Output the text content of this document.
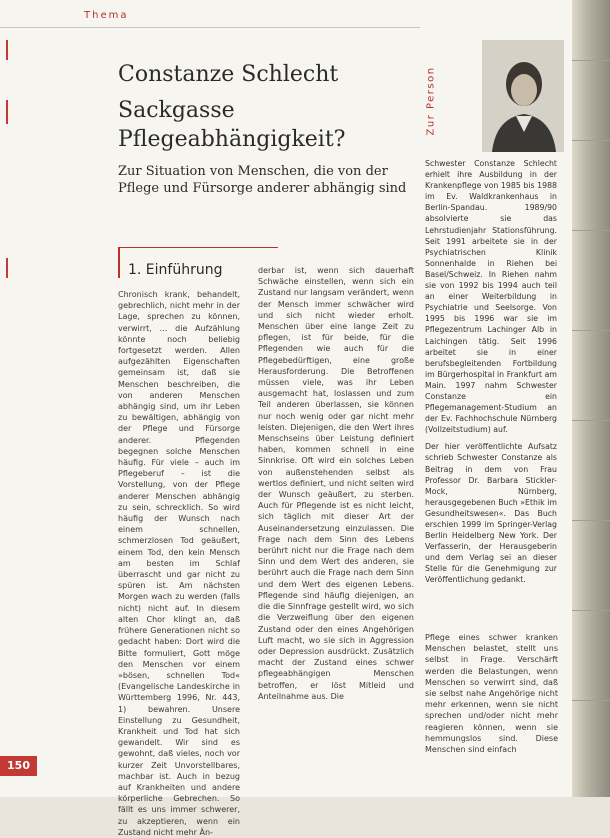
Thema
Constanze Schlecht
Sackgasse
Pflegeabhängigkeit?
Zur Situation von Menschen, die von der Pflege und Fürsorge anderer abhängig sind
Zur Person

Schwester Constanze Schlecht erhielt ihre Ausbildung in der Krankenpflege von 1985 bis 1988 im Ev. Waldkrankenhaus in Berlin-Spandau. 1989/90 absolvierte sie das Lehrstudienjahr Stationsführung. Seit 1991 arbeitete sie in der Psychiatrischen Klinik Sonnenhalde in Riehen bei Basel/Schweiz. In Riehen nahm sie von 1992 bis 1994 auch teil an einer Weiterbildung in Psychiatrie und Seelsorge. Von 1995 bis 1996 war sie im Pflegezentrum Lachinger Alb in Laichingen tätig. Seit 1996 arbeitet sie in einer berufsbegleitenden Fortbildung im Bürgerhospital in Frankfurt am Main. 1997 nahm Schwester Constanze ein Pflegemanagement-Studium an der Ev. Fachhochschule Nürnberg (Vollzeitstudium) auf.

Der hier veröffentlichte Aufsatz schrieb Schwester Constanze als Beitrag in dem von Frau Professor Dr. Barbara Stickler-Mock, Nürnberg, herausgegebenen Buch »Ethik im Gesundheitswesen«. Das Buch erschien 1999 im Springer-Verlag Berlin Heidelberg New York. Der Verfasserin, der Herausgeberin und dem Verlag sei an dieser Stelle für die Genehmigung zur Veröffentlichung gedankt.

1. Einführung

Chronisch krank, behandelt, gebrechlich, nicht mehr in der Lage, sprechen zu können, verwirrt, … die Aufzählung könnte noch beliebig fortgesetzt werden. Allen aufgezählten Eigenschaften gemeinsam ist, daß sie Menschen beschreiben, die von anderen Menschen abhängig sind, um ihr Leben zu bewältigen, abhängig von der Pflege und Fürsorge anderer. Pflegenden begegnen solche Menschen häufig. Für viele – auch im Pflegeberuf – ist die Vorstellung, von der Pflege anderer Menschen abhängig zu sein, schrecklich. So wird häufig der Wunsch nach einem schnellen, schmerzlosen Tod geäußert, einem Tod, den kein Mensch am besten im Schlaf überrascht und gar nicht zu spüren ist. Am nächsten Morgen wach zu werden (falls nicht) nicht auf. In diesem alten Chor klingt an, daß frühere Generationen nicht so gedacht haben: Dort wird die Bitte formuliert, Gott möge den Menschen vor einem »bösen, schnellen Tod« (Evangelische Landeskirche in Württemberg 1996, Nr. 443, 1) bewahren. Unsere Einstellung zu Gesundheit, Krankheit und Tod hat sich gewandelt. Wir sind es gewohnt, daß vieles, noch vor kurzer Zeit Unvorstellbares, machbar ist. Auch in bezug auf Krankheiten und andere körperliche Gebrechen. So fällt es uns immer schwerer, zu akzeptieren, wenn ein Zustand nicht mehr Än-

derbar ist, wenn sich dauerhaft Schwäche einstellen, wenn sich ein Zustand nur langsam verändert, wenn der Mensch immer schwächer wird und sich nicht wieder erholt. Menschen über eine lange Zeit zu pflegen, ist für beide, für die Pflegenden wie auch für die Pflegebedürftigen, eine große Herausforderung. Die Betroffenen müssen viele, was ihr Leben ausgemacht hat, loslassen und zum Teil anderen überlassen, sie können nur noch wenig oder gar nicht mehr leisten. Diejenigen, die den Wert ihres Menschseins über Leistung definiert haben, kommen schnell in eine Sinnkrise. Oft wird ein solches Leben von außenstehenden selbst als wertlos definiert, und nicht selten wird der Wunsch geäußert, zu sterben. Auch für Pflegende ist es nicht leicht, sich täglich mit dieser Art der Auseinandersetzung einzulassen. Die Frage nach dem Sinn des Lebens berührt nicht nur die Frage nach dem Sinn und dem Wert des anderen, sie berührt auch die Frage nach dem Sinn und dem Wert des eigenen Lebens. Pflegende sind häufig diejenigen, an die die Sinnfrage gestellt wird, wo sich die Verzweiflung über den eigenen Zustand oder den eines Angehörigen Luft macht, wo sie sich in Aggression oder Depression ausdrückt. Zusätzlich macht der Zustand eines schwer pflegeabhängigen Menschen betroffen, er löst Mitleid und Anteilnahme aus. Die

Pflege eines schwer kranken Menschen belastet, stellt uns selbst in Frage. Verschärft werden die Belastungen, wenn Menschen so verwirrt sind, daß sie selbst nahe Angehörige nicht mehr erkennen, wenn sie nicht sprechen und/oder nicht mehr reagieren können, wenn sie hemmungslos sind. Diese Menschen sind einfach

150
